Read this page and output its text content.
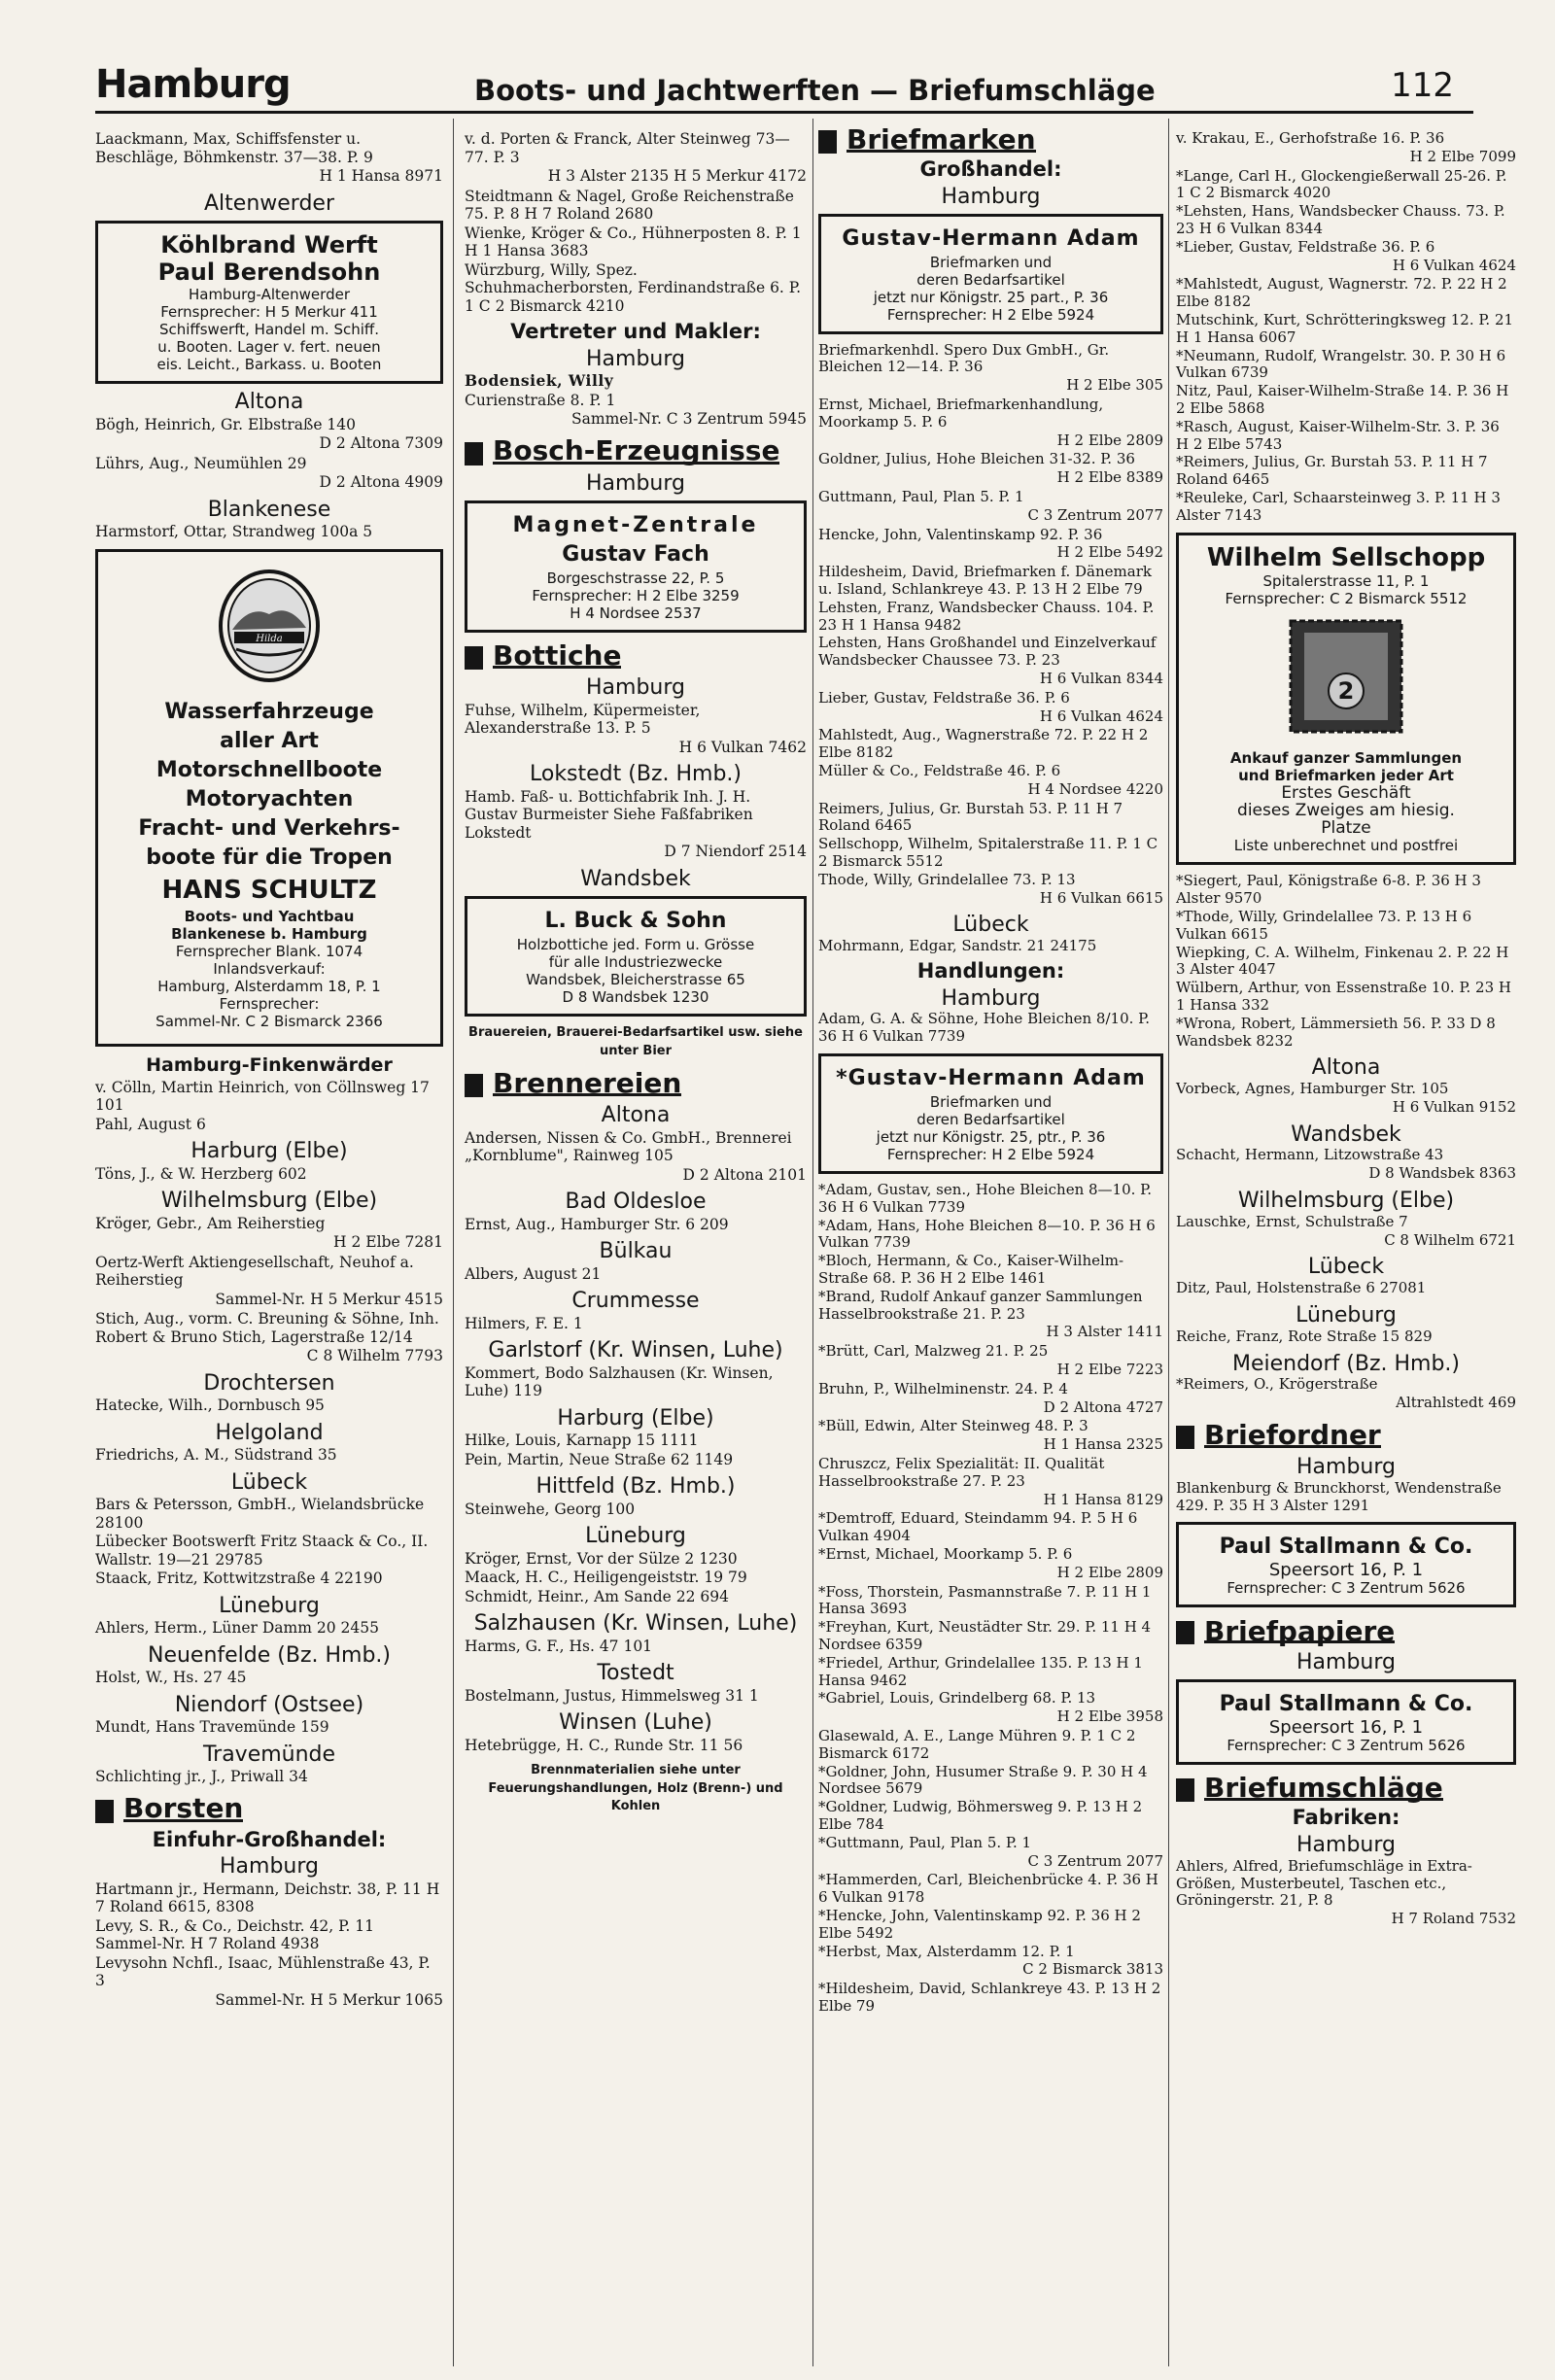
Hamburg	Boots- und Jachtwerften — Briefumschläge	112
Laackmann, Max, Schiffsfenster u. Beschläge, Böhmkenstr. 37—38. P. 9
H 1 Hansa 8971
Altenwerder
Köhlbrand Werft
Paul Berendsohn
Hamburg-Altenwerder
Fernsprecher: H 5 Merkur 411
Schiffswerft, Handel m. Schiff.
u. Booten. Lager v. fert. neuen
eis. Leicht., Barkass. u. Booten
Altona
Bögh, Heinrich, Gr. Elbstraße 140
D 2 Altona 7309
Lührs, Aug., Neumühlen 29
D 2 Altona 4909
Blankenese
Harmstorf, Ottar, Strandweg 100a 5
Hilda
Wasserfahrzeuge
aller Art
Motorschnellboote
Motoryachten
Fracht- und Verkehrs-
boote für die Tropen
HANS SCHULTZ
Boots- und Yachtbau
Blankenese b. Hamburg
Fernsprecher Blank. 1074
Inlandsverkauf:
Hamburg, Alsterdamm 18, P. 1
Fernsprecher:
Sammel-Nr. C 2 Bismarck 2366
Hamburg-Finkenwärder
v. Cölln, Martin Heinrich, von Cöllnsweg 17 101
Pahl, August 6
Harburg (Elbe)
Töns, J., & W. Herzberg 602
Wilhelmsburg (Elbe)
Kröger, Gebr., Am Reiherstieg
H 2 Elbe 7281
Oertz-Werft Aktiengesellschaft, Neuhof a. Reiherstieg
Sammel-Nr. H 5 Merkur 4515
Stich, Aug., vorm. C. Breuning & Söhne, Inh. Robert & Bruno Stich, Lagerstraße 12/14
C 8 Wilhelm 7793
Drochtersen
Hatecke, Wilh., Dornbusch 95
Helgoland
Friedrichs, A. M., Südstrand 35
Lübeck
Bars & Petersson, GmbH., Wielandsbrücke 28100
Lübecker Bootswerft Fritz Staack & Co., II. Wallstr. 19—21 29785
Staack, Fritz, Kottwitzstraße 4 22190
Lüneburg
Ahlers, Herm., Lüner Damm 20 2455
Neuenfelde (Bz. Hmb.)
Holst, W., Hs. 27 45
Niendorf (Ostsee)
Mundt, Hans Travemünde 159
Travemünde
Schlichting jr., J., Priwall 34
Borsten
Einfuhr-Großhandel:
Hamburg
Hartmann jr., Hermann, Deichstr. 38, P. 11 H 7 Roland 6615, 8308
Levy, S. R., & Co., Deichstr. 42, P. 11 Sammel-Nr. H 7 Roland 4938
Levysohn Nchfl., Isaac, Mühlenstraße 43, P. 3
Sammel-Nr. H 5 Merkur 1065
v. d. Porten & Franck, Alter Steinweg 73—77. P. 3
H 3 Alster 2135 H 5 Merkur 4172
Steidtmann & Nagel, Große Reichenstraße 75. P. 8 H 7 Roland 2680
Wienke, Kröger & Co., Hühnerposten 8. P. 1 H 1 Hansa 3683
Würzburg, Willy, Spez. Schuhmacherborsten, Ferdinandstraße 6. P. 1 C 2 Bismarck 4210
Vertreter und Makler:
Hamburg
Bodensiek, Willy
Curienstraße 8. P. 1
Sammel-Nr. C 3 Zentrum 5945
Bosch-Erzeugnisse
Hamburg
Magnet-Zentrale
Gustav Fach
Borgeschstrasse 22, P. 5
Fernsprecher: H 2 Elbe 3259
H 4 Nordsee 2537
Bottiche
Hamburg
Fuhse, Wilhelm, Küpermeister, Alexanderstraße 13. P. 5
H 6 Vulkan 7462
Lokstedt (Bz. Hmb.)
Hamb. Faß- u. Bottichfabrik Inh. J. H. Gustav Burmeister Siehe Faßfabriken Lokstedt
D 7 Niendorf 2514
Wandsbek
L. Buck & Sohn
Holzbottiche jed. Form u. Grösse
für alle Industriezwecke
Wandsbek, Bleicherstrasse 65
D 8 Wandsbek 1230
Brauereien, Brauerei-Bedarfsartikel usw. siehe unter Bier
Brennereien
Altona
Andersen, Nissen & Co. GmbH., Brennerei „Kornblume", Rainweg 105
D 2 Altona 2101
Bad Oldesloe
Ernst, Aug., Hamburger Str. 6 209
Bülkau
Albers, August 21
Crummesse
Hilmers, F. E. 1
Garlstorf (Kr. Winsen, Luhe)
Kommert, Bodo Salzhausen (Kr. Winsen, Luhe) 119
Harburg (Elbe)
Hilke, Louis, Karnapp 15 1111
Pein, Martin, Neue Straße 62 1149
Hittfeld (Bz. Hmb.)
Steinwehe, Georg 100
Lüneburg
Kröger, Ernst, Vor der Sülze 2 1230
Maack, H. C., Heiligengeiststr. 19 79
Schmidt, Heinr., Am Sande 22 694
Salzhausen (Kr. Winsen, Luhe)
Harms, G. F., Hs. 47 101
Tostedt
Bostelmann, Justus, Himmelsweg 31 1
Winsen (Luhe)
Hetebrügge, H. C., Runde Str. 11 56
Brennmaterialien siehe unter Feuerungshandlungen, Holz (Brenn-) und Kohlen
Briefmarken
Großhandel:
Hamburg
Gustav-Hermann Adam
Briefmarken und
deren Bedarfsartikel
jetzt nur Königstr. 25 part., P. 36
Fernsprecher: H 2 Elbe 5924
Briefmarkenhdl. Spero Dux GmbH., Gr. Bleichen 12—14. P. 36
H 2 Elbe 305
Ernst, Michael, Briefmarkenhandlung, Moorkamp 5. P. 6
H 2 Elbe 2809
Goldner, Julius, Hohe Bleichen 31-32. P. 36
H 2 Elbe 8389
Guttmann, Paul, Plan 5. P. 1
C 3 Zentrum 2077
Hencke, John, Valentinskamp 92. P. 36
H 2 Elbe 5492
Hildesheim, David, Briefmarken f. Dänemark u. Island, Schlankreye 43. P. 13 H 2 Elbe 79
Lehsten, Franz, Wandsbecker Chauss. 104. P. 23 H 1 Hansa 9482
Lehsten, Hans Großhandel und Einzelverkauf Wandsbecker Chaussee 73. P. 23
H 6 Vulkan 8344
Lieber, Gustav, Feldstraße 36. P. 6
H 6 Vulkan 4624
Mahlstedt, Aug., Wagnerstraße 72. P. 22 H 2 Elbe 8182
Müller & Co., Feldstraße 46. P. 6
H 4 Nordsee 4220
Reimers, Julius, Gr. Burstah 53. P. 11 H 7 Roland 6465
Sellschopp, Wilhelm, Spitalerstraße 11. P. 1 C 2 Bismarck 5512
Thode, Willy, Grindelallee 73. P. 13
H 6 Vulkan 6615
Lübeck
Mohrmann, Edgar, Sandstr. 21 24175
Handlungen:
Hamburg
Adam, G. A. & Söhne, Hohe Bleichen 8/10. P. 36 H 6 Vulkan 7739
*Gustav-Hermann Adam
Briefmarken und
deren Bedarfsartikel
jetzt nur Königstr. 25, ptr., P. 36
Fernsprecher: H 2 Elbe 5924
*Adam, Gustav, sen., Hohe Bleichen 8—10. P. 36 H 6 Vulkan 7739
*Adam, Hans, Hohe Bleichen 8—10. P. 36 H 6 Vulkan 7739
*Bloch, Hermann, & Co., Kaiser-Wilhelm-Straße 68. P. 36 H 2 Elbe 1461
*Brand, Rudolf Ankauf ganzer Sammlungen Hasselbrookstraße 21. P. 23
H 3 Alster 1411
*Brütt, Carl, Malzweg 21. P. 25
H 2 Elbe 7223
Bruhn, P., Wilhelminenstr. 24. P. 4
D 2 Altona 4727
*Büll, Edwin, Alter Steinweg 48. P. 3
H 1 Hansa 2325
Chruszcz, Felix Spezialität: II. Qualität Hasselbrookstraße 27. P. 23
H 1 Hansa 8129
*Demtroff, Eduard, Steindamm 94. P. 5 H 6 Vulkan 4904
*Ernst, Michael, Moorkamp 5. P. 6
H 2 Elbe 2809
*Foss, Thorstein, Pasmannstraße 7. P. 11 H 1 Hansa 3693
*Freyhan, Kurt, Neustädter Str. 29. P. 11 H 4 Nordsee 6359
*Friedel, Arthur, Grindelallee 135. P. 13 H 1 Hansa 9462
*Gabriel, Louis, Grindelberg 68. P. 13
H 2 Elbe 3958
Glasewald, A. E., Lange Mühren 9. P. 1 C 2 Bismarck 6172
*Goldner, John, Husumer Straße 9. P. 30 H 4 Nordsee 5679
*Goldner, Ludwig, Böhmersweg 9. P. 13 H 2 Elbe 784
*Guttmann, Paul, Plan 5. P. 1
C 3 Zentrum 2077
*Hammerden, Carl, Bleichenbrücke 4. P. 36 H 6 Vulkan 9178
*Hencke, John, Valentinskamp 92. P. 36 H 2 Elbe 5492
*Herbst, Max, Alsterdamm 12. P. 1
C 2 Bismarck 3813
*Hildesheim, David, Schlankreye 43. P. 13 H 2 Elbe 79
v. Krakau, E., Gerhofstraße 16. P. 36
H 2 Elbe 7099
*Lange, Carl H., Glockengießerwall 25-26. P. 1 C 2 Bismarck 4020
*Lehsten, Hans, Wandsbecker Chauss. 73. P. 23 H 6 Vulkan 8344
*Lieber, Gustav, Feldstraße 36. P. 6
H 6 Vulkan 4624
*Mahlstedt, August, Wagnerstr. 72. P. 22 H 2 Elbe 8182
Mutschink, Kurt, Schrötteringksweg 12. P. 21 H 1 Hansa 6067
*Neumann, Rudolf, Wrangelstr. 30. P. 30 H 6 Vulkan 6739
Nitz, Paul, Kaiser-Wilhelm-Straße 14. P. 36 H 2 Elbe 5868
*Rasch, August, Kaiser-Wilhelm-Str. 3. P. 36 H 2 Elbe 5743
*Reimers, Julius, Gr. Burstah 53. P. 11 H 7 Roland 6465
*Reuleke, Carl, Schaarsteinweg 3. P. 11 H 3 Alster 7143
Wilhelm Sellschopp
Spitalerstrasse 11, P. 1
Fernsprecher: C 2 Bismarck 5512
2
Ankauf ganzer Sammlungen
und Briefmarken jeder Art
Erstes Geschäft
dieses Zweiges am hiesig.
Platze
Liste unberechnet und postfrei
*Siegert, Paul, Königstraße 6-8. P. 36 H 3 Alster 9570
*Thode, Willy, Grindelallee 73. P. 13 H 6 Vulkan 6615
Wiepking, C. A. Wilhelm, Finkenau 2. P. 22 H 3 Alster 4047
Wülbern, Arthur, von Essenstraße 10. P. 23 H 1 Hansa 332
*Wrona, Robert, Lämmersieth 56. P. 33 D 8 Wandsbek 8232
Altona
Vorbeck, Agnes, Hamburger Str. 105
H 6 Vulkan 9152
Wandsbek
Schacht, Hermann, Litzowstraße 43
D 8 Wandsbek 8363
Wilhelmsburg (Elbe)
Lauschke, Ernst, Schulstraße 7
C 8 Wilhelm 6721
Lübeck
Ditz, Paul, Holstenstraße 6 27081
Lüneburg
Reiche, Franz, Rote Straße 15 829
Meiendorf (Bz. Hmb.)
*Reimers, O., Krögerstraße
Altrahlstedt 469
Briefordner
Hamburg
Blankenburg & Brunckhorst, Wendenstraße 429. P. 35 H 3 Alster 1291
Paul Stallmann & Co.
Speersort 16, P. 1
Fernsprecher: C 3 Zentrum 5626
Briefpapiere
Hamburg
Paul Stallmann & Co.
Speersort 16, P. 1
Fernsprecher: C 3 Zentrum 5626
Briefumschläge
Fabriken:
Hamburg
Ahlers, Alfred, Briefumschläge in Extra-Größen, Musterbeutel, Taschen etc., Gröningerstr. 21, P. 8
H 7 Roland 7532
